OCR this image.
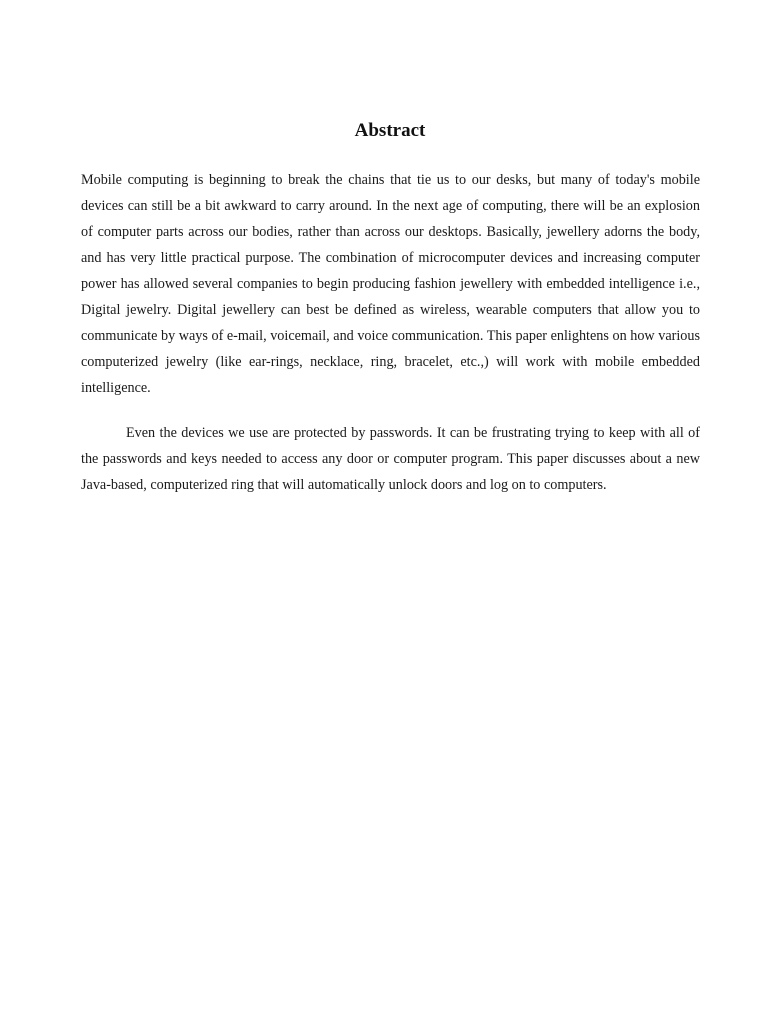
Abstract

Mobile computing is beginning to break the chains that tie us to our desks, but many of today's mobile devices can still be a bit awkward to carry around. In the next age of computing, there will be an explosion of computer parts across our bodies, rather than across our desktops. Basically, jewellery adorns the body, and has very little practical purpose. The combination of microcomputer devices and increasing computer power has allowed several companies to begin producing fashion jewellery with embedded intelligence i.e., Digital jewelry. Digital jewellery can best be defined as wireless, wearable computers that allow you to communicate by ways of e-mail, voicemail, and voice communication. This paper enlightens on how various computerized jewelry (like ear-rings, necklace, ring, bracelet, etc.,) will work with mobile embedded intelligence.

Even the devices we use are protected by passwords. It can be frustrating trying to keep with all of the passwords and keys needed to access any door or computer program. This paper discusses about a new Java-based, computerized ring that will automatically unlock doors and log on to computers.
